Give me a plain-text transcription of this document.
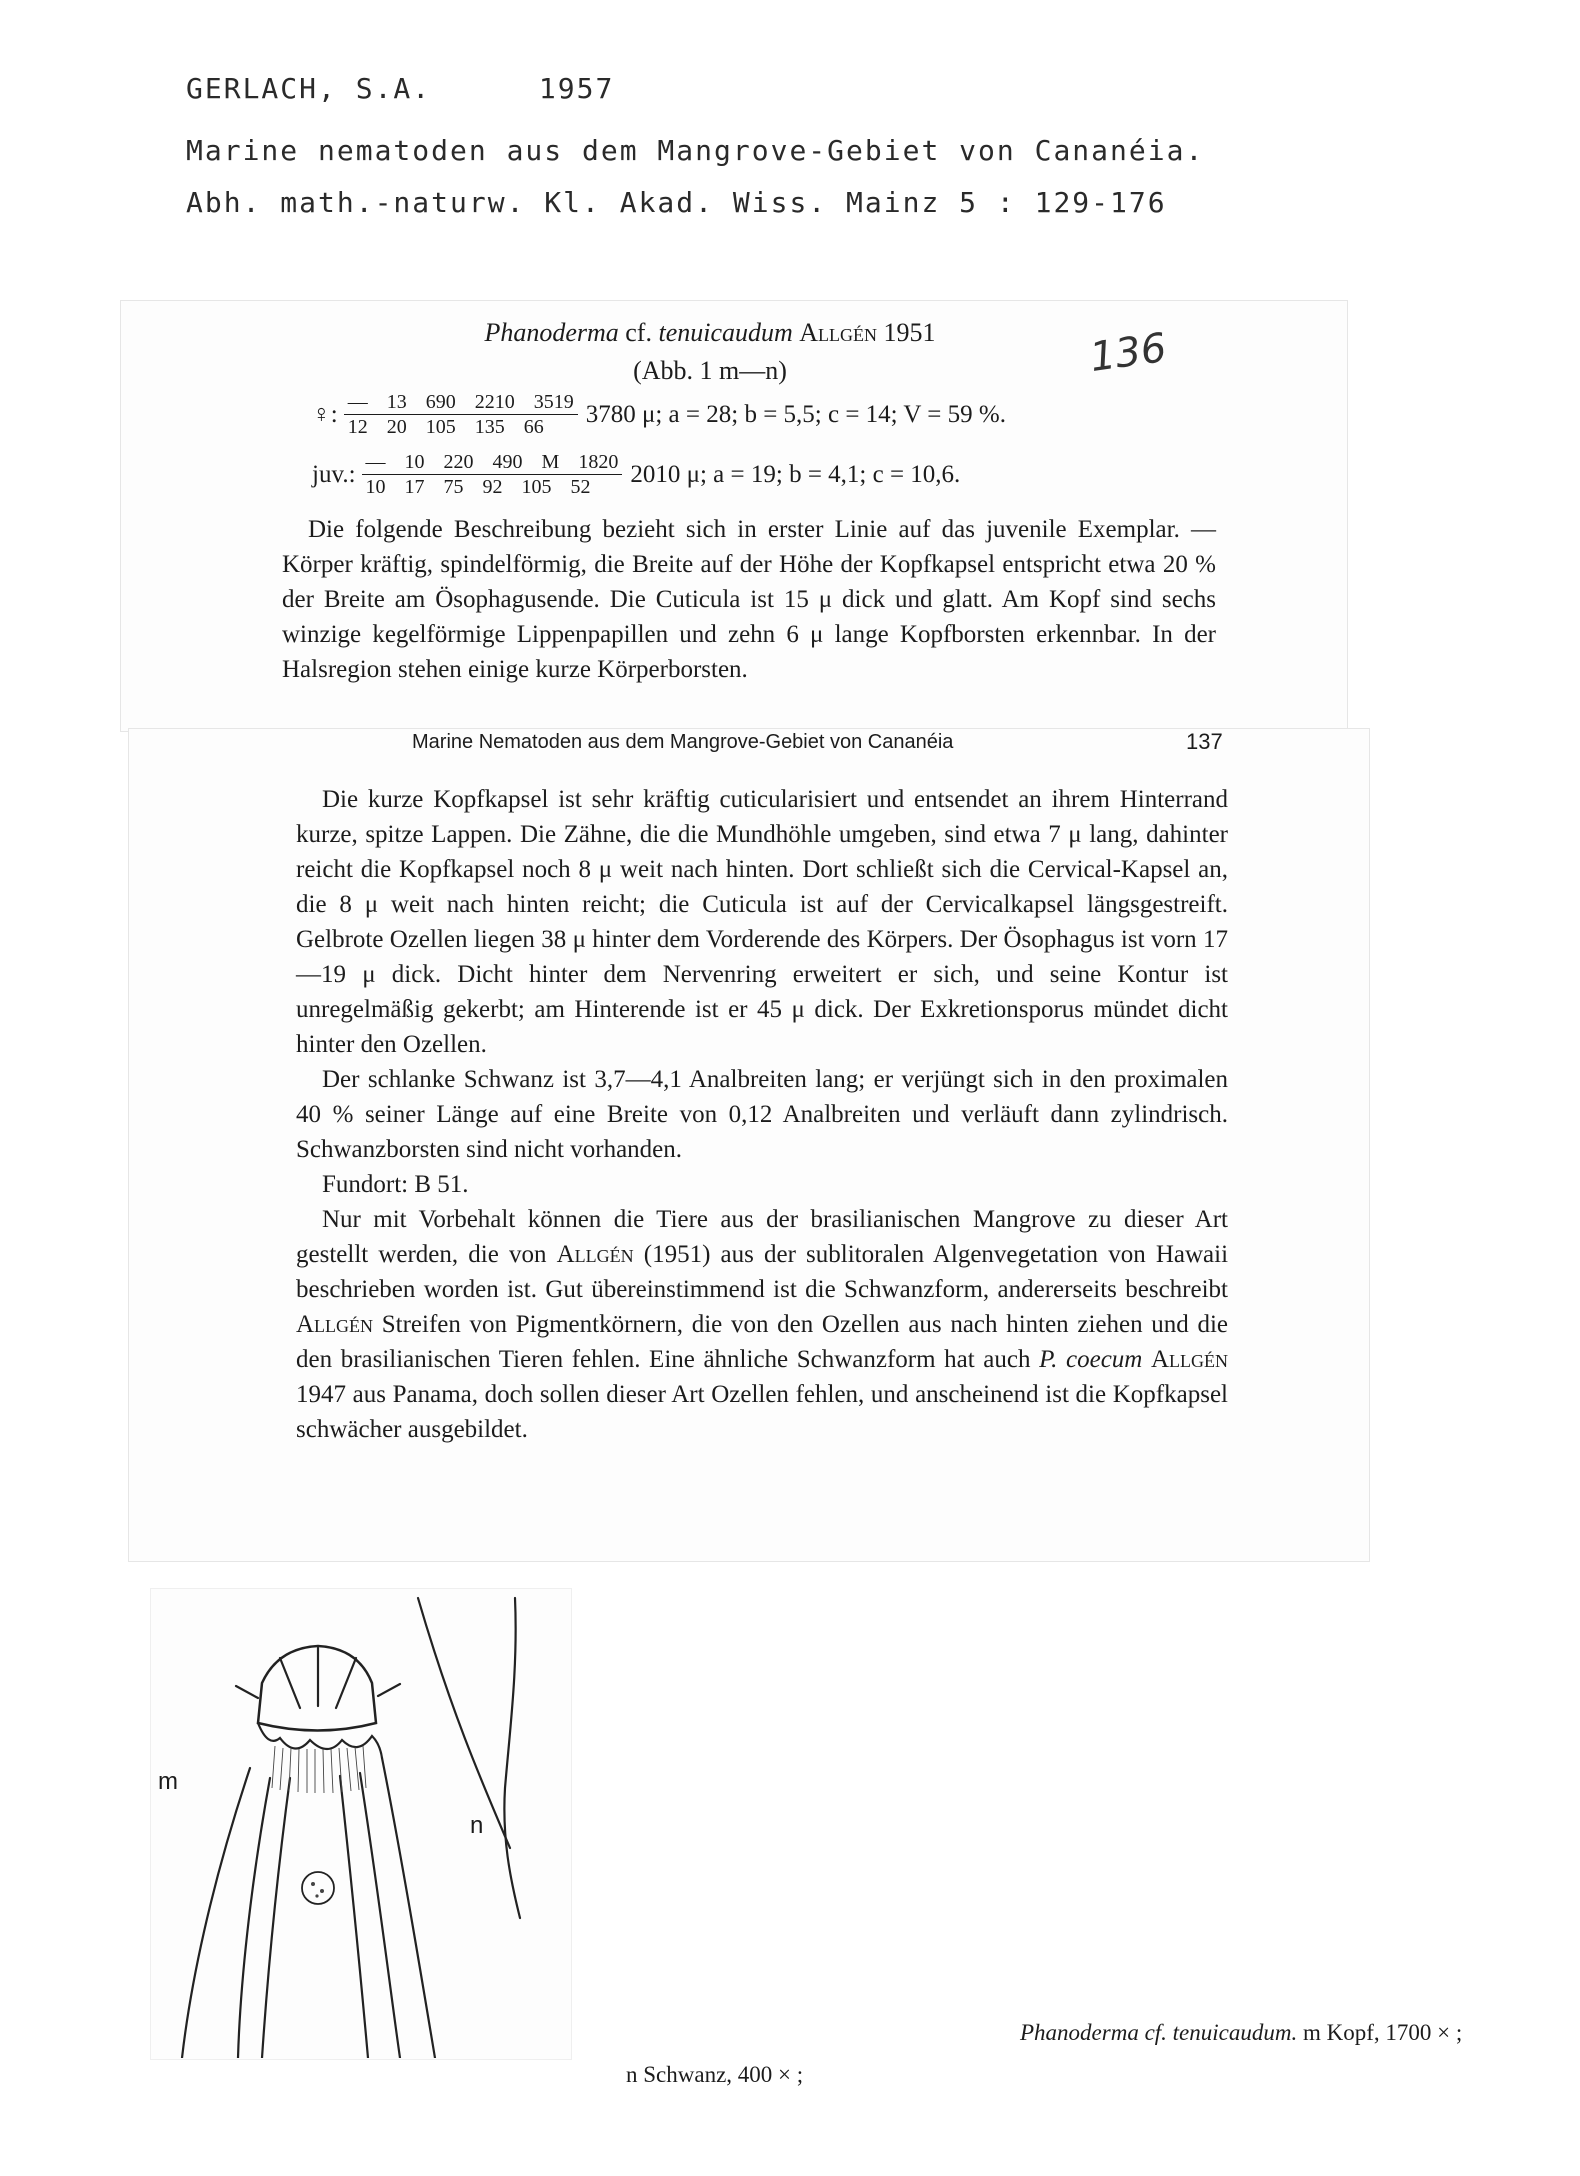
GERLACH, S.A.	1957
Marine nematoden aus dem Mangrove-Gebiet von Cananéia.
Abh. math.-naturw. Kl. Akad. Wiss. Mainz 5 : 129-176
Phanoderma cf. tenuicaudum Allgén 1951
(Abb. 1 m—n)	136
♀: $\frac{— 13 690 2210 3519}{12 20 105 135 66} 3780$ μ; a = 28; b = 5,5; c = 14; V = 59 %.
juv.: $\frac{— 10 220 490 M 1820}{10 17 75 92 105 52} 2010$ μ; a = 19; b = 4,1; c = 10,6.

Die folgende Beschreibung bezieht sich in erster Linie auf das juvenile Exemplar. — Körper kräftig, spindelförmig, die Breite auf der Höhe der Kopfkapsel entspricht etwa 20 % der Breite am Ösophagusende. Die Cuticula ist 15 μ dick und glatt. Am Kopf sind sechs winzige kegelförmige Lippenpapillen und zehn 6 μ lange Kopfborsten erkennbar. In der Halsregion stehen einige kurze Körperborsten.

Marine Nematoden aus dem Mangrove-Gebiet von Cananéia	137

Die kurze Kopfkapsel ist sehr kräftig cuticularisiert und entsendet an ihrem Hinterrand kurze, spitze Lappen. Die Zähne, die die Mundhöhle umgeben, sind etwa 7 μ lang, dahinter reicht die Kopfkapsel noch 8 μ weit nach hinten. Dort schließt sich die Cervical-Kapsel an, die 8 μ weit nach hinten reicht; die Cuticula ist auf der Cervicalkapsel längsgestreift. Gelbrote Ozellen liegen 38 μ hinter dem Vorderende des Körpers. Der Ösophagus ist vorn 17—19 μ dick. Dicht hinter dem Nervenring erweitert er sich, und seine Kontur ist unregelmäßig gekerbt; am Hinterende ist er 45 μ dick. Der Exkretionsporus mündet dicht hinter den Ozellen.

Der schlanke Schwanz ist 3,7—4,1 Analbreiten lang; er verjüngt sich in den proximalen 40 % seiner Länge auf eine Breite von 0,12 Analbreiten und verläuft dann zylindrisch. Schwanzborsten sind nicht vorhanden.

Fundort: B 51.

Nur mit Vorbehalt können die Tiere aus der brasilianischen Mangrove zu dieser Art gestellt werden, die von Allgén (1951) aus der sublitoralen Algenvegetation von Hawaii beschrieben worden ist. Gut übereinstimmend ist die Schwanzform, andererseits beschreibt Allgén Streifen von Pigmentkörnern, die von den Ozellen aus nach hinten ziehen und die den brasilianischen Tieren fehlen. Eine ähnliche Schwanzform hat auch P. coecum Allgén 1947 aus Panama, doch sollen dieser Art Ozellen fehlen, und anscheinend ist die Kopfkapsel schwächer ausgebildet.

m
n
n Schwanz, 400 × ;
Phanoderma cf. tenuicaudum. m Kopf, 1700 × ;
